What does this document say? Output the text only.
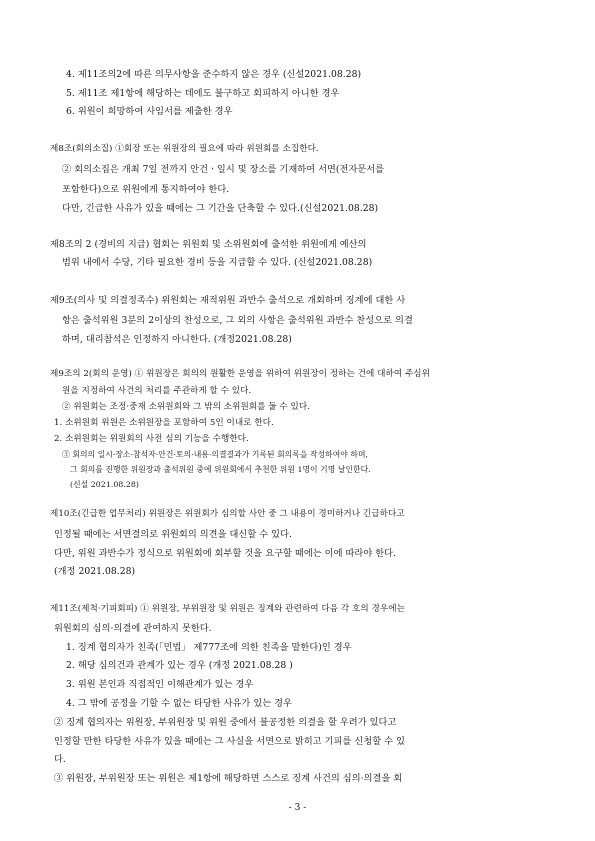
4. 제11조의2에 따른 의무사항을 준수하지 않은 경우 (신설2021.08.28)
5. 제11조 제1항에 해당하는 데에도 불구하고 회피하지 아니한 경우
6. 위원이 희망하여 사임서를 제출한 경우
제8조(회의소집) ①회장 또는 위원장의 필요에 따라 위원회를 소집한다.
② 회의소집은 개최 7일 전까지 안건ㆍ일시 및 장소를 기재하여 서면(전자문서를
포함한다)으로 위원에게 통지하여야 한다.
다만, 긴급한 사유가 있을 때에는 그 기간을 단축할 수 있다.(신설2021.08.28)
제8조의 2 (경비의 지급) 협회는 위원회 및 소위원회에 출석한 위원에게 예산의
범위 내에서 수당, 기타 필요한 경비 등을 지급할 수 있다. (신설2021.08.28)
제9조(의사 및 의결정족수) 위원회는 재적위원 과반수 출석으로 개회하며 징계에 대한 사
항은 출석위원 3분의 2이상의 찬성으로, 그 외의 사항은 출석위원 과반수 찬성으로 의결
하며, 대리참석은 인정하지 아니한다. (개정2021.08.28)
제9조의 2(회의 운영) ① 위원장은 회의의 원활한 운영을 위하여 위원장이 정하는 건에 대하여 주심위
원을 지정하여 사건의 처리를 주관하게 할 수 있다.
② 위원회는 조정·중재 소위원회와 그 밖의 소위원회를 둘 수 있다.
1. 소위원회 위원은 소위원장을 포함하여 5인 이내로 한다.
2. 소위원회는 위원회의 사전 심의 기능을 수행한다.
③ 회의의 일시·장소·참석자·안건·토의·내용·의결결과가 기록된 회의록을 작성하여야 하며,
그 회의를 진행한 위원장과 출석위원 중에 위원회에서 추천한 위원 1명이 기명 날인한다.
(신설 2021.08.28)
제10조(긴급한 업무처리) 위원장은 위원회가 심의할 사안 중 그 내용이 경미하거나 긴급하다고
인정될 때에는 서면결의로 위원회의 의견을 대신할 수 있다.
다만, 위원 과반수가 정식으로 위원회에 회부할 것을 요구할 때에는 이에 따라야 한다.
(개정 2021.08.28)
제11조(제척·기피회피) ① 위원장, 부위원장 및 위원은 징계와 관련하여 다음 각 호의 경우에는
위원회의 심의·의결에 관여하지 못한다.
1. 징계 협의자가 친족(「민법」 제777조에 의한 친족을 말한다)인 경우
2. 해당 심의건과 관계가 있는 경우 (개정 2021.08.28 )
3. 위원 본인과 직접적인 이해관계가 있는 경우
4. 그 밖에 공정을 기할 수 없는 타당한 사유가 있는 경우
② 징계 협의자는 위원장, 부위원장 및 위원 중에서 불공정한 의결을 할 우려가 있다고
인정할 만한 타당한 사유가 있을 때에는 그 사실을 서면으로 밝히고 기피를 신청할 수 있
다.
③ 위원장, 부위원장 또는 위원은 제1항에 해당하면 스스로 징계 사건의 심의·의결을 회
- 3 -
